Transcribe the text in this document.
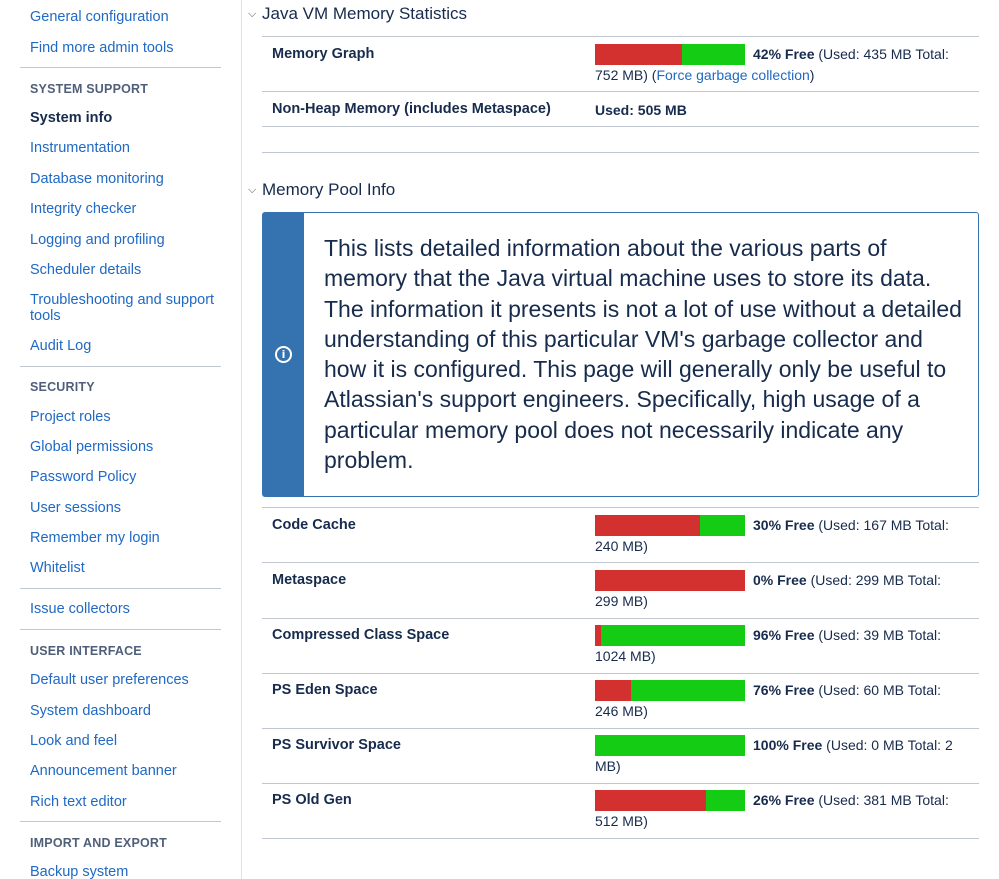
General configuration
Find more admin tools
SYSTEM SUPPORT
System info
Instrumentation
Database monitoring
Integrity checker
Logging and profiling
Scheduler details
Troubleshooting and support tools
Audit Log
SECURITY
Project roles
Global permissions
Password Policy
User sessions
Remember my login
Whitelist
Issue collectors
USER INTERFACE
Default user preferences
System dashboard
Look and feel
Announcement banner
Rich text editor
IMPORT AND EXPORT
Backup system
⌵ Java VM Memory Statistics
Memory Graph	42% Free (Used: 435 MB Total: 752 MB) (Force garbage collection)
Non-Heap Memory (includes Metaspace)	Used: 505 MB
⌵ Memory Pool Info
i
This lists detailed information about the various parts of memory that the Java virtual machine uses to store its data. The information it presents is not a lot of use without a detailed understanding of this particular VM's garbage collector and how it is configured. This page will generally only be useful to Atlassian's support engineers. Specifically, high usage of a particular memory pool does not necessarily indicate any problem.
Code Cache	30% Free (Used: 167 MB Total: 240 MB)
Metaspace	0% Free (Used: 299 MB Total: 299 MB)
Compressed Class Space	96% Free (Used: 39 MB Total: 1024 MB)
PS Eden Space	76% Free (Used: 60 MB Total: 246 MB)
PS Survivor Space	100% Free (Used: 0 MB Total: 2 MB)
PS Old Gen	26% Free (Used: 381 MB Total: 512 MB)
